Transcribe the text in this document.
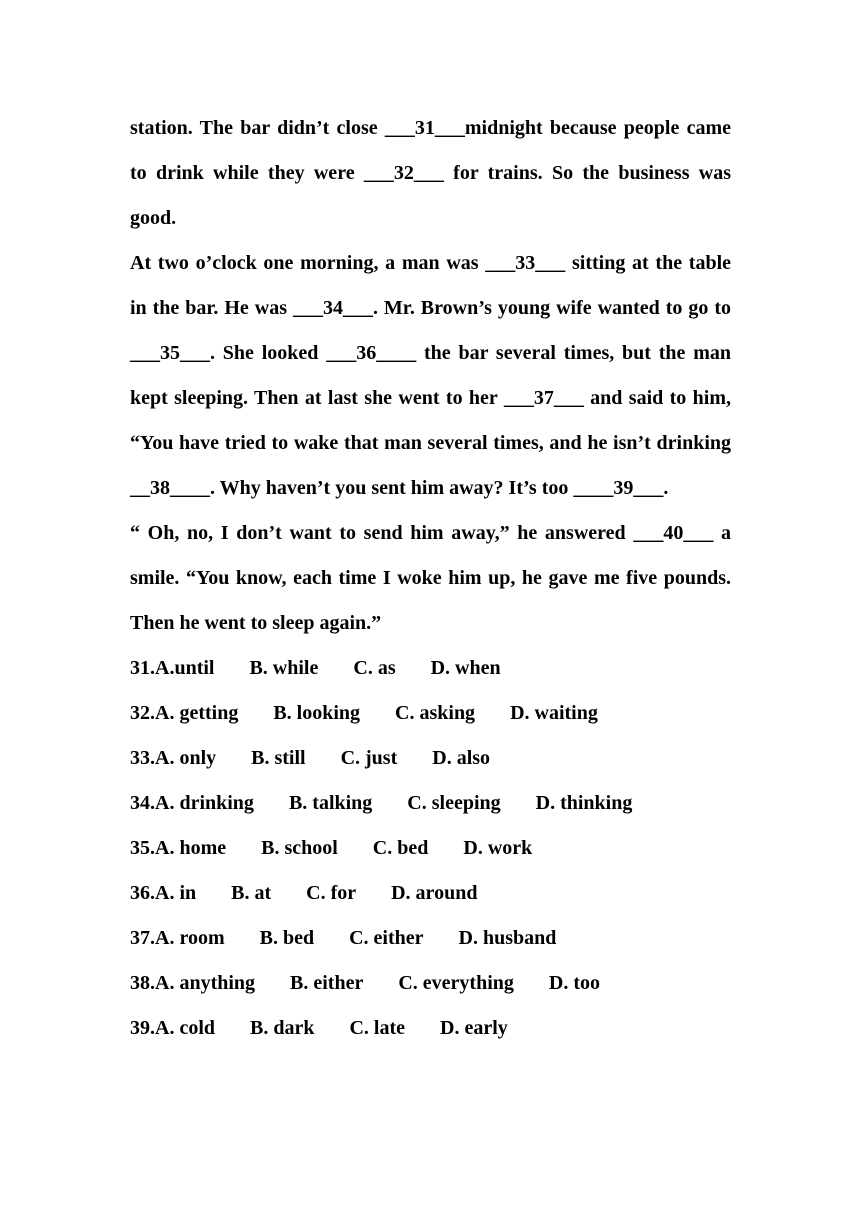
station. The bar didn’t close ___31___midnight because people came to drink while they were ___32___ for trains. So the business was good.

At two o’clock one morning, a man was ___33___ sitting at the table in the bar. He was ___34___. Mr. Brown’s young wife wanted to go to ___35___. She looked ___36____ the bar several times, but the man kept sleeping. Then at last she went to her ___37___ and said to him, “You have tried to wake that man several times, and he isn’t drinking __38____. Why haven’t you sent him away? It’s too ____39___.

“ Oh, no, I don’t want to send him away,” he answered ___40___ a smile. “You know, each time I woke him up, he gave me five pounds. Then he went to sleep again.”

31.A.until B. while C. as D. when
32.A. getting B. looking C. asking D. waiting
33.A. only B. still C. just D. also
34.A. drinking B. talking C. sleeping D. thinking
35.A. home B. school C. bed D. work
36.A. in B. at C. for D. around
37.A. room B. bed C. either D. husband
38.A. anything B. either C. everything D. too
39.A. cold B. dark C. late D. early
